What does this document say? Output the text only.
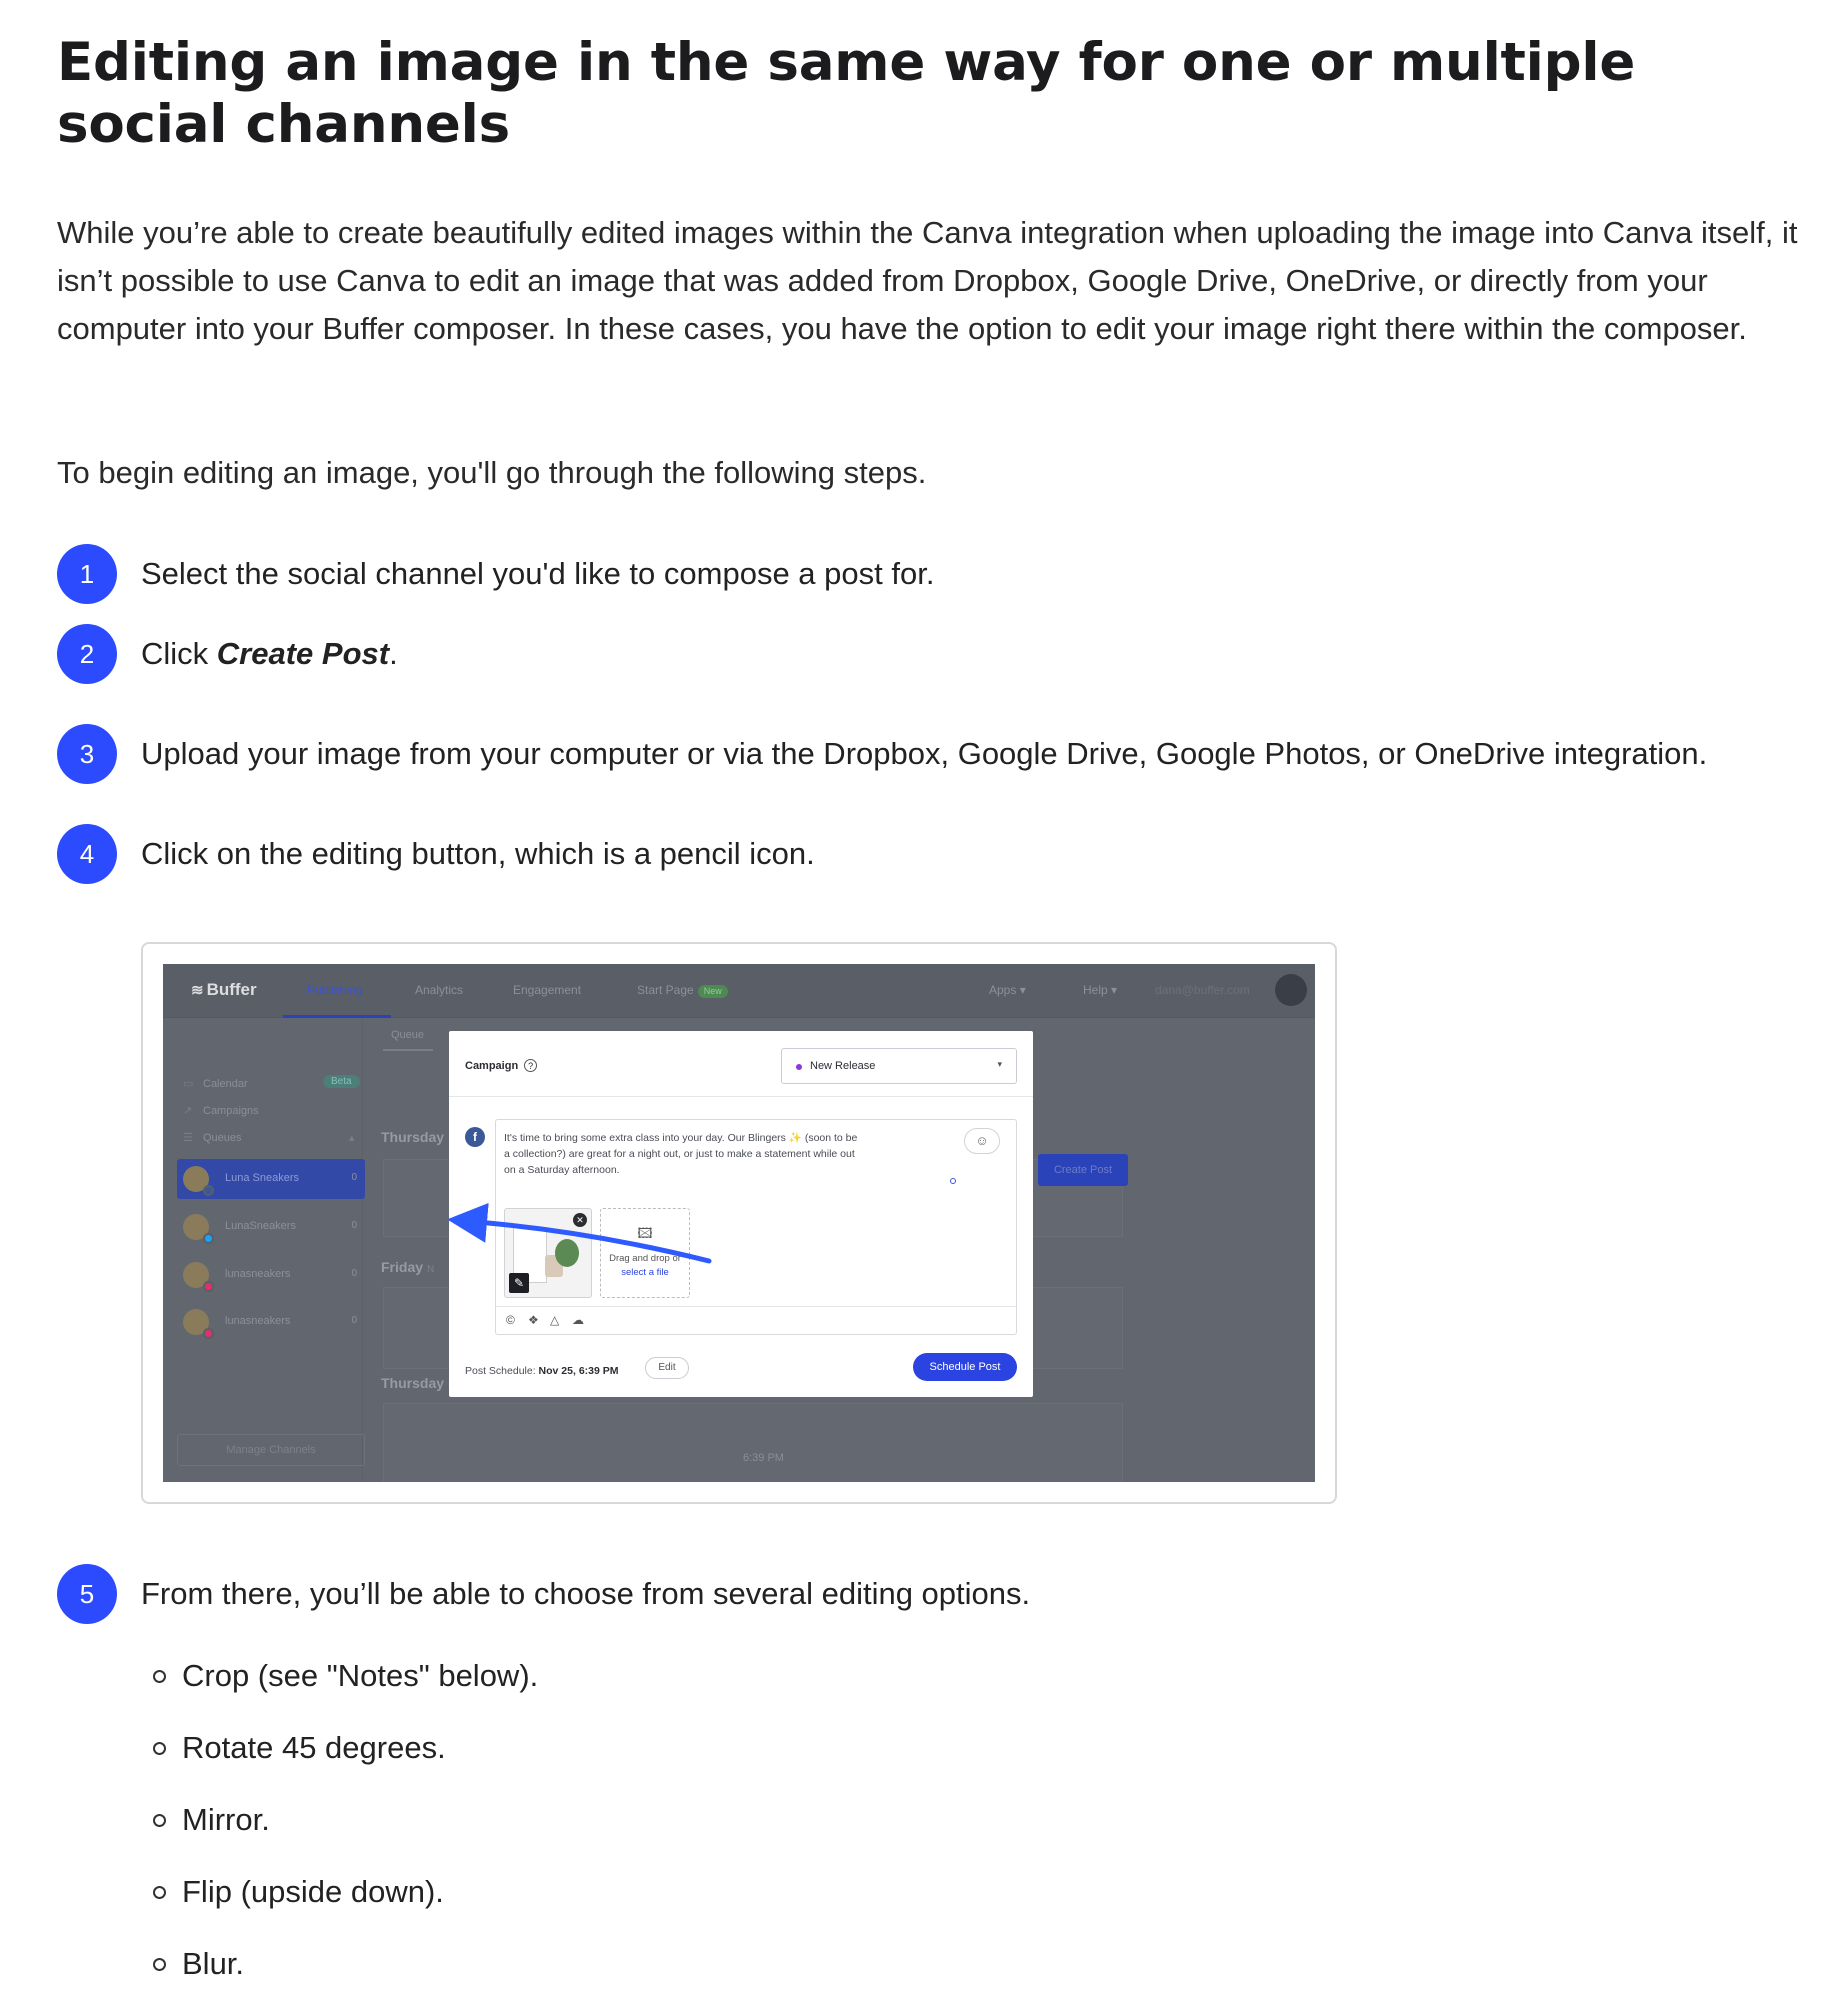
Editing an image in the same way for one or multiple social channels

While you’re able to create beautifully edited images within the Canva integration when uploading the image into Canva itself, it isn’t possible to use Canva to edit an image that was added from Dropbox, Google Drive, OneDrive, or directly from your computer into your Buffer composer. In these cases, you have the option to edit your image right there within the composer.

To begin editing an image, you'll go through the following steps.

1	Select the social channel you'd like to compose a post for.
2	Click Create Post.
3	Upload your image from your computer or via the Dropbox, Google Drive, Google Photos, or OneDrive integration.
4	Click on the editing button, which is a pencil icon.
≋ Buffer	Publishing	Analytics	Engagement	Start Page New	Apps ▾	Help ▾	dana@buffer.com
▭ Calendar	Beta
↗ Campaigns
☰ Queues	▴
Luna Sneakers	0
LunaSneakers	0
lunasneakers	0
lunasneakers	0
Manage Channels
Queue
Thursday
Create Post
Friday N
Thursday
6:39 PM
Campaign ?	New Release	▾
f	It's time to bring some extra class into your day. Our Blingers ✨ (soon to be a collection?) are great for a night out, or just to make a statement while out on a Saturday afternoon.
☺
✕
✎
🖾
Drag and drop or
select a file
© ❖ △ ☁
Post Schedule: Nov 25, 6:39 PM	Edit	Schedule Post
5	From there, you’ll be able to choose from several editing options.
Crop (see "Notes" below).
Rotate 45 degrees.
Mirror.
Flip (upside down).
Blur.
